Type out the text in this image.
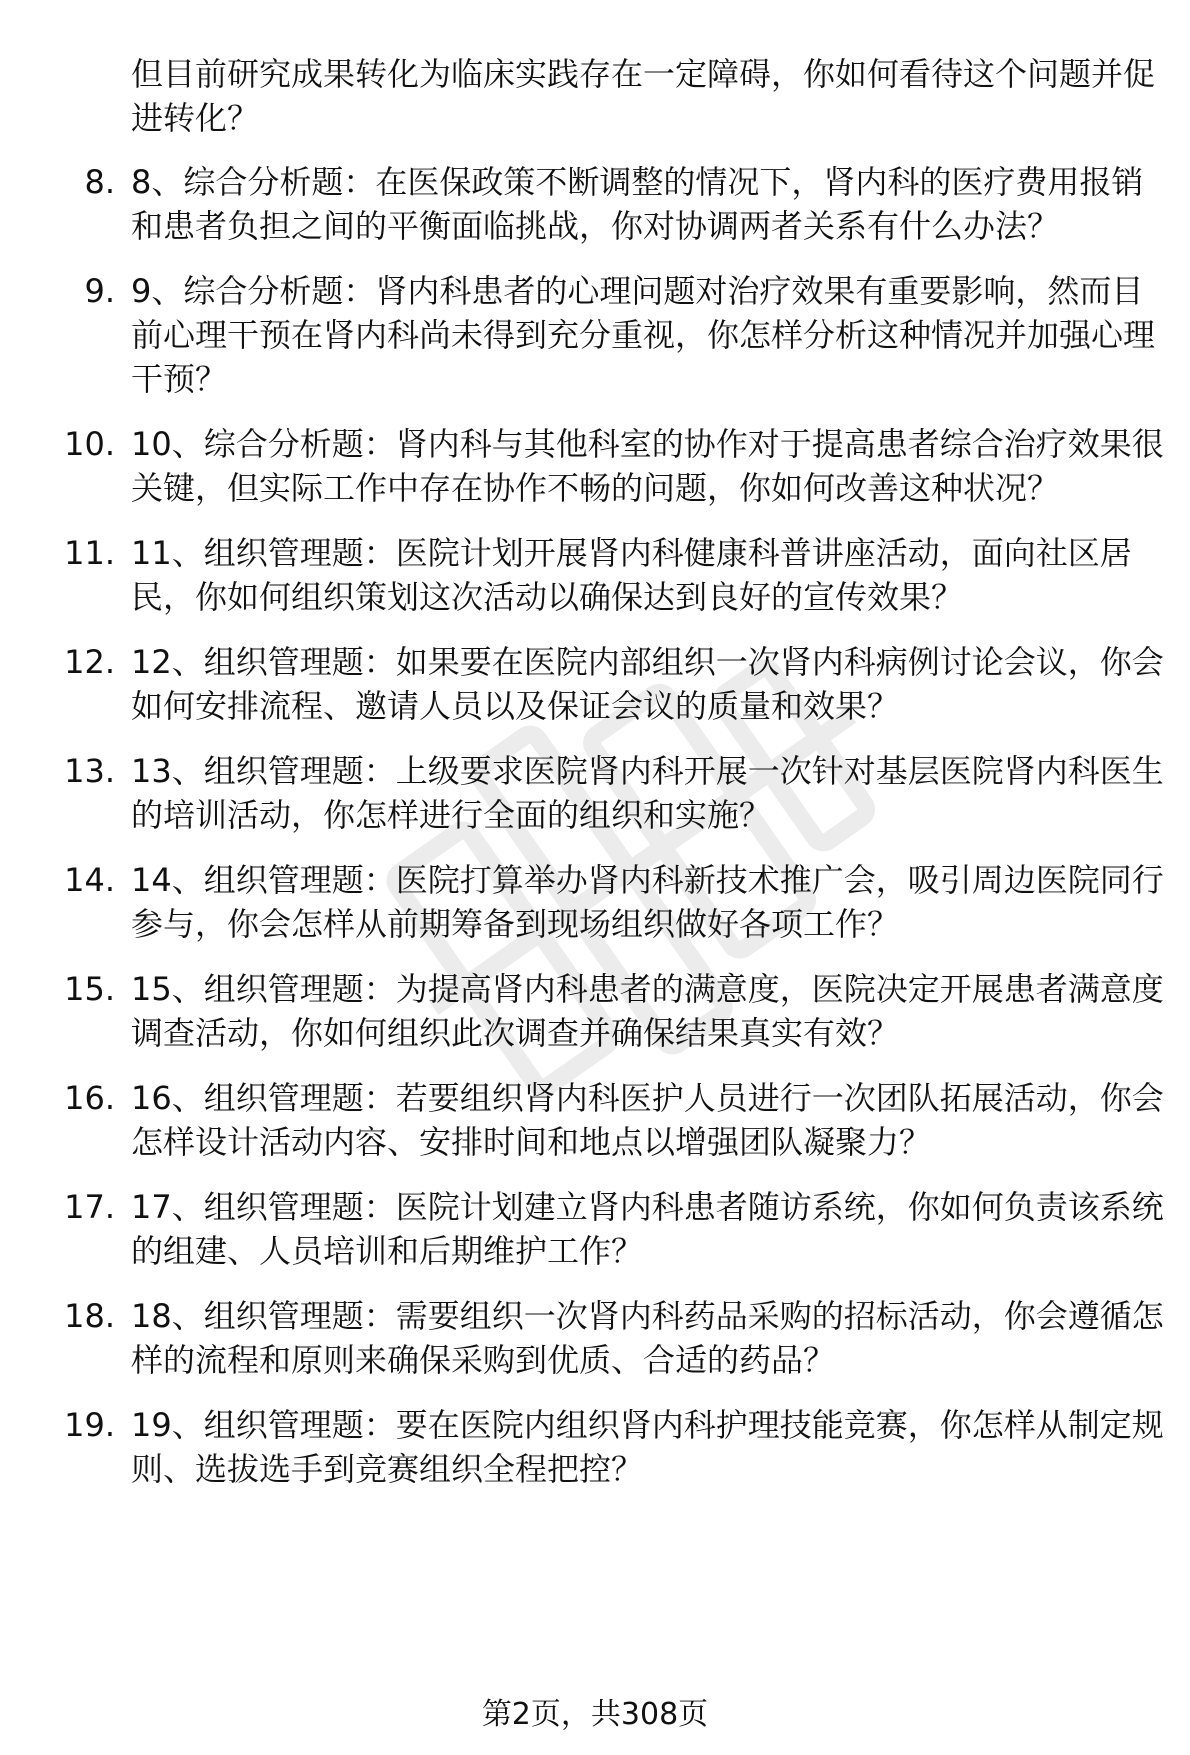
但目前研究成果转化为临床实践存在一定障碍，你如何看待这个问题并促进转化？

8. 8、综合分析题：在医保政策不断调整的情况下，肾内科的医疗费用报销和患者负担之间的平衡面临挑战，你对协调两者关系有什么办法？
9. 9、综合分析题：肾内科患者的心理问题对治疗效果有重要影响，然而目前心理干预在肾内科尚未得到充分重视，你怎样分析这种情况并加强心理干预？
10. 10、综合分析题：肾内科与其他科室的协作对于提高患者综合治疗效果很关键，但实际工作中存在协作不畅的问题，你如何改善这种状况？
11. 11、组织管理题：医院计划开展肾内科健康科普讲座活动，面向社区居民，你如何组织策划这次活动以确保达到良好的宣传效果？
12. 12、组织管理题：如果要在医院内部组织一次肾内科病例讨论会议，你会如何安排流程、邀请人员以及保证会议的质量和效果？
13. 13、组织管理题：上级要求医院肾内科开展一次针对基层医院肾内科医生的培训活动，你怎样进行全面的组织和实施？
14. 14、组织管理题：医院打算举办肾内科新技术推广会，吸引周边医院同行参与，你会怎样从前期筹备到现场组织做好各项工作？
15. 15、组织管理题：为提高肾内科患者的满意度，医院决定开展患者满意度调查活动，你如何组织此次调查并确保结果真实有效？
16. 16、组织管理题：若要组织肾内科医护人员进行一次团队拓展活动，你会怎样设计活动内容、安排时间和地点以增强团队凝聚力？
17. 17、组织管理题：医院计划建立肾内科患者随访系统，你如何负责该系统的组建、人员培训和后期维护工作？
18. 18、组织管理题：需要组织一次肾内科药品采购的招标活动，你会遵循怎样的流程和原则来确保采购到优质、合适的药品？
19. 19、组织管理题：要在医院内组织肾内科护理技能竞赛，你怎样从制定规则、选拔选手到竞赛组织全程把控？
第2页，共308页
